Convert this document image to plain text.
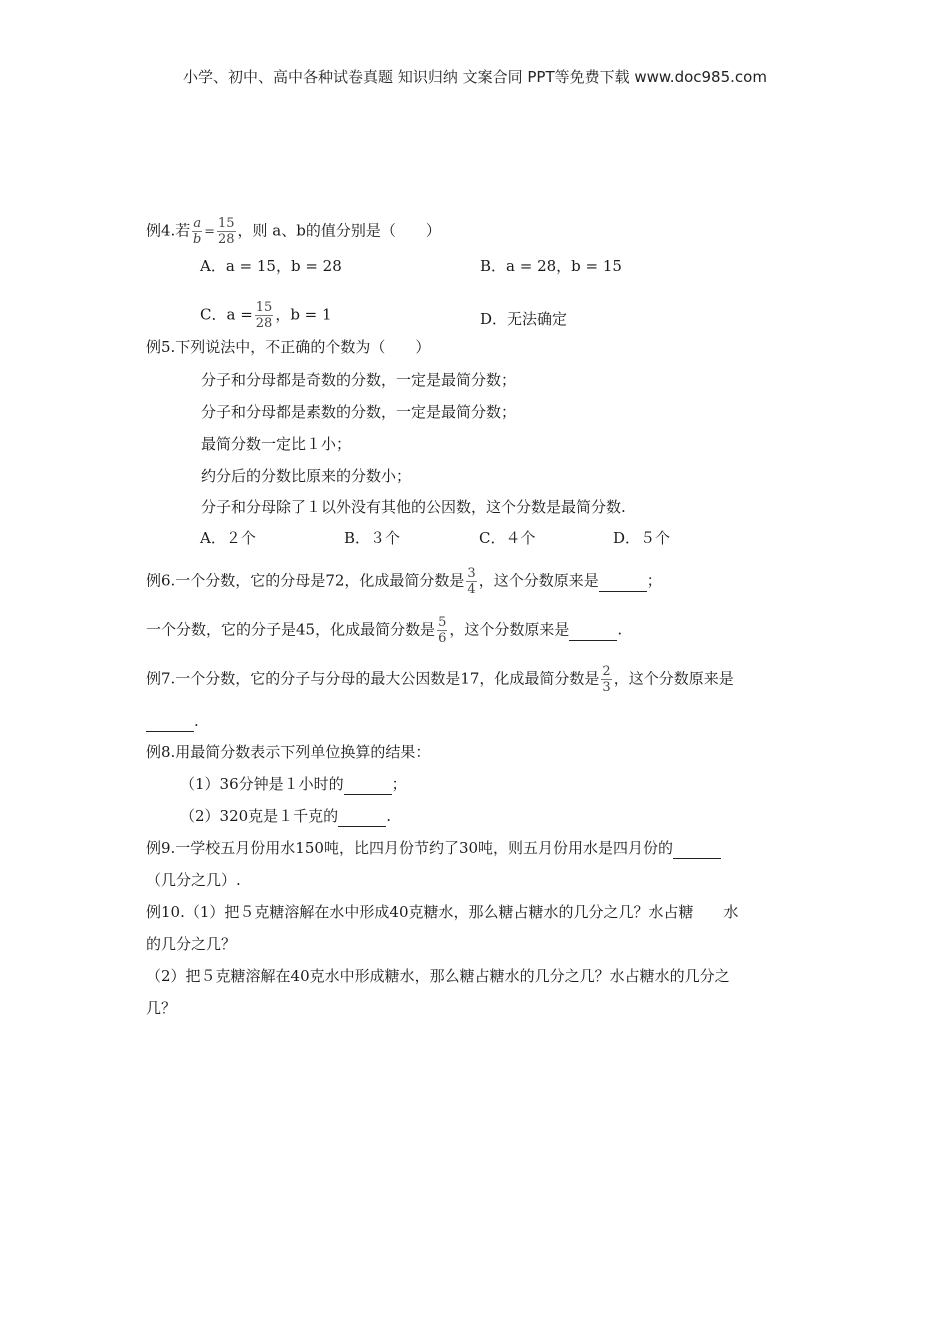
小学、初中、高中各种试卷真题 知识归纳 文案合同 PPT等免费下载 www.doc985.com
例4.若 $\frac{a}{b} = \frac{15}{28}$ ，则 a、b的值分别是（　　）
A．a = 15，b = 28	B．a = 28，b = 15
C．$a = \frac{15}{28}$ ，b = 1	D．无法确定
例5.下列说法中，不正确的个数为（　　）
分子和分母都是奇数的分数，一定是最简分数；
分子和分母都是素数的分数，一定是最简分数；
最简分数一定比１小；
约分后的分数比原来的分数小；
分子和分母除了１以外没有其他的公因数，这个分数是最简分数.
A．２个	B．３个	C．４个	D．５个
例6.一个分数，它的分母是72，化成最简分数是 $\frac{3}{4}$ ，这个分数原来是	；
一个分数，它的分子是45，化成最简分数是 $\frac{5}{6}$ ，这个分数原来是	.
例7.一个分数，它的分子与分母的最大公因数是17，化成最简分数是 $\frac{2}{3}$ ，这个分数原来是
.
例8.用最简分数表示下列单位换算的结果：
（1）36分钟是１小时的	；
（2）320克是１千克的	.
例9.一学校五月份用水150吨，比四月份节约了30吨，则五月份用水是四月份的
（几分之几）.
例10.（1）把５克糖溶解在水中形成40克糖水，那么糖占糖水的几分之几？水占糖　　水
的几分之几？
（2）把５克糖溶解在40克水中形成糖水，那么糖占糖水的几分之几？水占糖水的几分之
几？
